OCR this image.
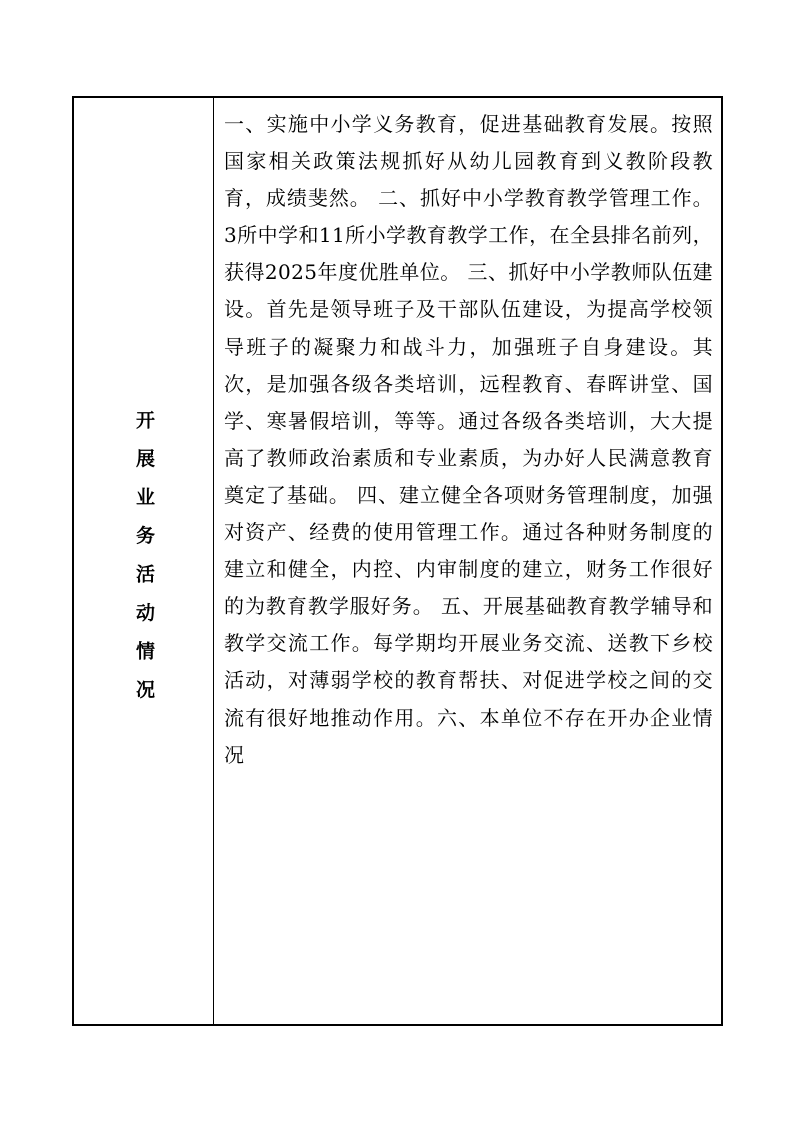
开展业务活动情况

一、实施中小学义务教育，促进基础教育发展。按照国家相关政策法规抓好从幼儿园教育到义教阶段教育，成绩斐然。 二、抓好中小学教育教学管理工作。3所中学和11所小学教育教学工作，在全县排名前列，获得2025年度优胜单位。 三、抓好中小学教师队伍建设。首先是领导班子及干部队伍建设，为提高学校领导班子的凝聚力和战斗力，加强班子自身建设。其次，是加强各级各类培训，远程教育、春晖讲堂、国学、寒暑假培训，等等。通过各级各类培训，大大提高了教师政治素质和专业素质，为办好人民满意教育奠定了基础。 四、建立健全各项财务管理制度，加强对资产、经费的使用管理工作。通过各种财务制度的建立和健全，内控、内审制度的建立，财务工作很好的为教育教学服好务。 五、开展基础教育教学辅导和教学交流工作。每学期均开展业务交流、送教下乡校活动，对薄弱学校的教育帮扶、对促进学校之间的交流有很好地推动作用。六、本单位不存在开办企业情况
